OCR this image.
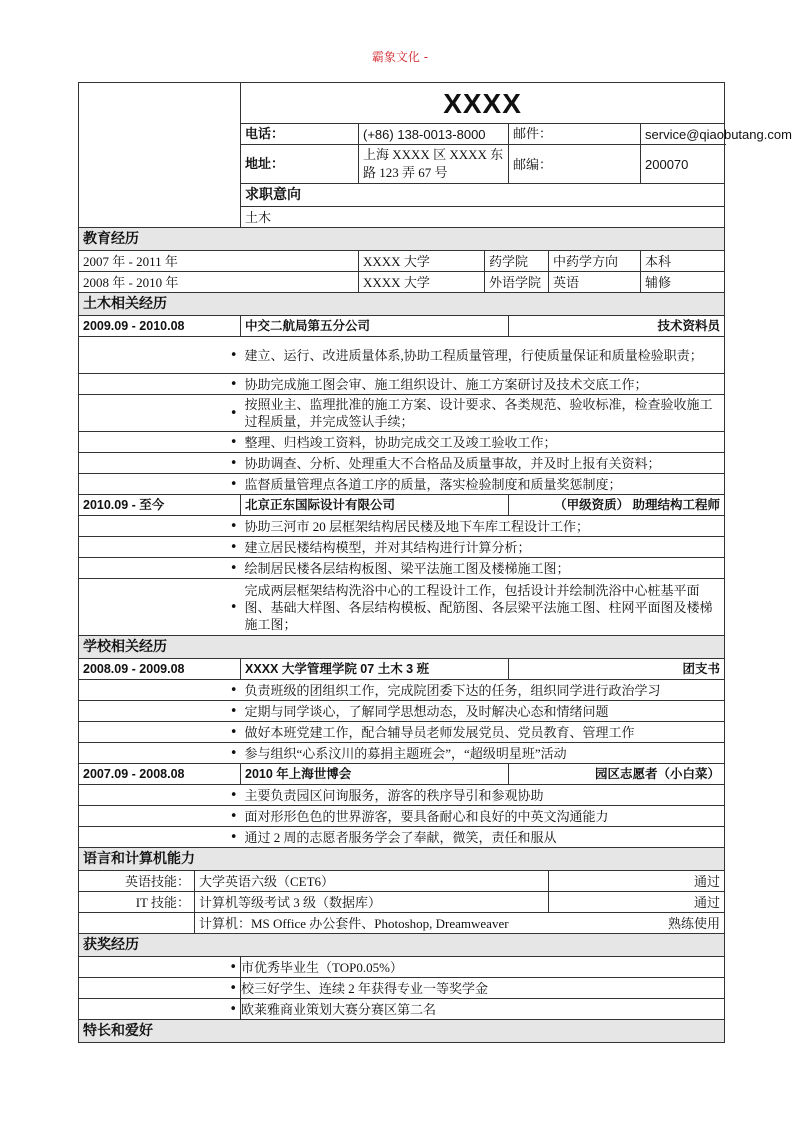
霸象文化 -
		XXXX					
		电话：	(+86) 138-0013-8000		邮件：		service@qiaobutang.com
		地址：	上海 XXXX 区 XXXX 东路 123 弄 67 号		邮编：		200070
		求职意向					
		土木					
教育经历							
2007 年 - 2011 年			XXXX 大学	药学院		中药学方向	本科
2008 年 - 2010 年			XXXX 大学	外语学院		英语	辅修
土木相关经历							
2009.09 - 2010.08		中交二航局第五分公司			技术资料员		
	•	建立、运行、改进质量体系,协助工程质量管理，行使质量保证和质量检验职责；					
	•	协助完成施工图会审、施工组织设计、施工方案研讨及技术交底工作；					
	•	按照业主、监理批准的施工方案、设计要求、各类规范、验收标准，检查验收施工过程质量，并完成签认手续；					
	•	整理、归档竣工资料，协助完成交工及竣工验收工作；					
	•	协助调查、分析、处理重大不合格品及质量事故，并及时上报有关资料；					
	•	监督质量管理点各道工序的质量，落实检验制度和质量奖惩制度；					
2010.09 - 至今		北京正东国际设计有限公司			（甲级资质） 助理结构工程师		
	•	协助三河市 20 层框架结构居民楼及地下车库工程设计工作；					
	•	建立居民楼结构模型，并对其结构进行计算分析；					
	•	绘制居民楼各层结构板图、梁平法施工图及楼梯施工图；					
	•	完成两层框架结构洗浴中心的工程设计工作，包括设计并绘制洗浴中心桩基平面图、基础大样图、各层结构模板、配筋图、各层梁平法施工图、柱网平面图及楼梯施工图；					
学校相关经历							
2008.09 - 2009.08		XXXX 大学管理学院 07 土木 3 班			团支书		
	•	负责班级的团组织工作，完成院团委下达的任务，组织同学进行政治学习					
	•	定期与同学谈心，了解同学思想动态，及时解决心态和情绪问题					
	•	做好本班党建工作，配合辅导员老师发展党员、党员教育、管理工作					
	•	参与组织“心系汶川的募捐主题班会”，“超级明星班”活动					
2007.09 - 2008.08		2010 年上海世博会			园区志愿者（小白菜）		
	•	主要负责园区问询服务，游客的秩序导引和参观协助					
	•	面对形形色色的世界游客，要具备耐心和良好的中英文沟通能力					
	•	通过 2 周的志愿者服务学会了奉献，微笑，责任和服从					
语言和计算机能力							
英语技能：	大学英语六级（CET6）					通过	
IT 技能：	计算机等级考试 3 级（数据库）					通过	
	计算机：MS Office 办公套件、Photoshop, Dreamweaver					熟练使用	
获奖经历							
•		市优秀毕业生（TOP0.05%）					
•		校三好学生、连续 2 年获得专业一等奖学金					
•		欧莱雅商业策划大赛分赛区第二名					
特长和爱好							
